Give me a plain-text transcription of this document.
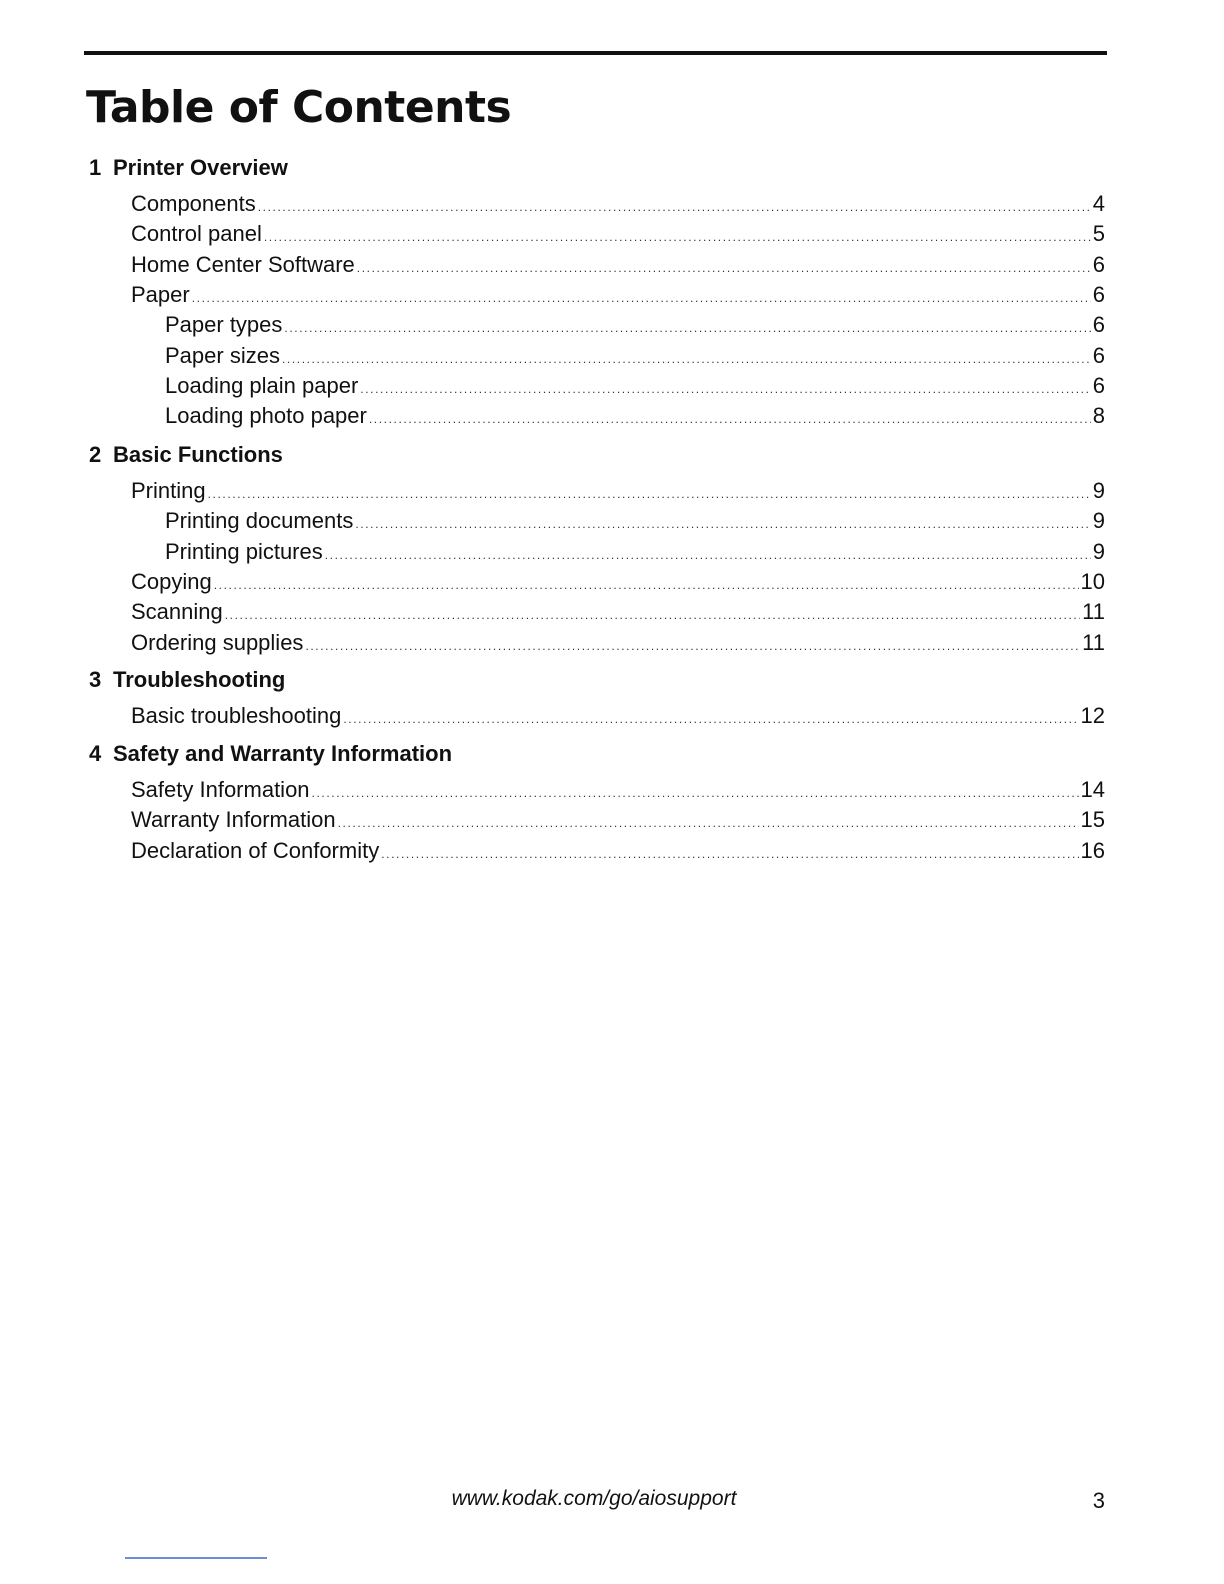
Table of Contents
1 Printer Overview
Components .....	4
Control panel .....	5
Home Center Software .....	6
Paper .....	6
Paper types .....	6
Paper sizes .....	6
Loading plain paper .....	6
Loading photo paper .....	8
2 Basic Functions
Printing .....	9
Printing documents .....	9
Printing pictures .....	9
Copying .....	10
Scanning .....	11
Ordering supplies .....	11
3 Troubleshooting
Basic troubleshooting .....	12
4 Safety and Warranty Information
Safety Information .....	14
Warranty Information .....	15
Declaration of Conformity .....	16
www.kodak.com/go/aiosupport	3
